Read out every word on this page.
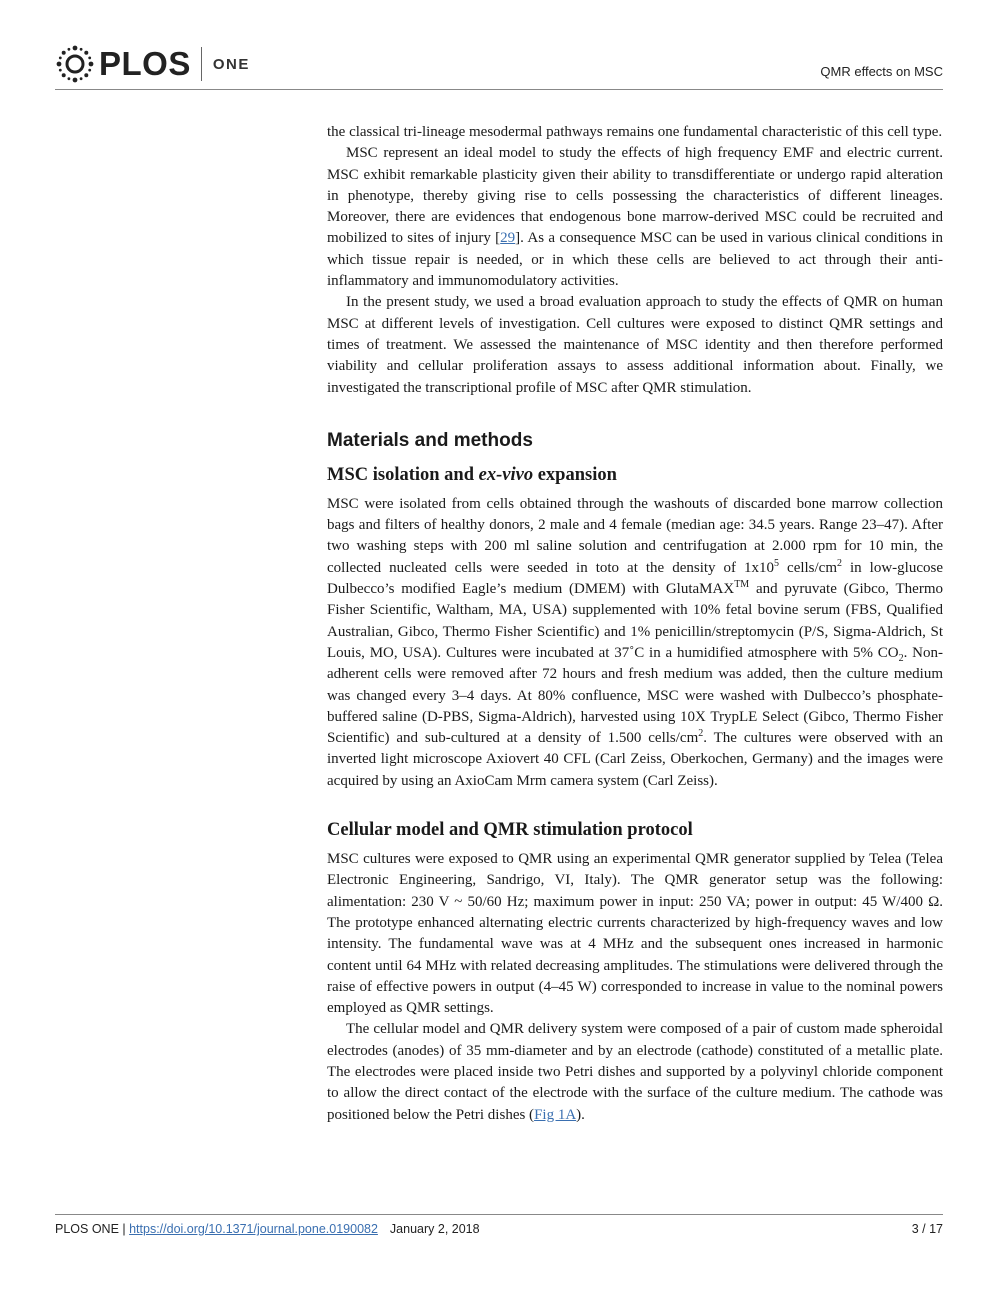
PLOS ONE	QMR effects on MSC

the classical tri-lineage mesodermal pathways remains one fundamental characteristic of this cell type.

MSC represent an ideal model to study the effects of high frequency EMF and electric current. MSC exhibit remarkable plasticity given their ability to transdifferentiate or undergo rapid alteration in phenotype, thereby giving rise to cells possessing the characteristics of different lineages. Moreover, there are evidences that endogenous bone marrow-derived MSC could be recruited and mobilized to sites of injury [29]. As a consequence MSC can be used in various clinical conditions in which tissue repair is needed, or in which these cells are believed to act through their anti-inflammatory and immunomodulatory activities.

In the present study, we used a broad evaluation approach to study the effects of QMR on human MSC at different levels of investigation. Cell cultures were exposed to distinct QMR settings and times of treatment. We assessed the maintenance of MSC identity and then therefore performed viability and cellular proliferation assays to assess additional information about. Finally, we investigated the transcriptional profile of MSC after QMR stimulation.

Materials and methods
MSC isolation and ex-vivo expansion

MSC were isolated from cells obtained through the washouts of discarded bone marrow collection bags and filters of healthy donors, 2 male and 4 female (median age: 34.5 years. Range 23–47). After two washing steps with 200 ml saline solution and centrifugation at 2.000 rpm for 10 min, the collected nucleated cells were seeded in toto at the density of $1x10^5$ cells/$cm^2$ in low-glucose Dulbecco’s modified Eagle’s medium (DMEM) with GlutaMAX™ and pyruvate (Gibco, Thermo Fisher Scientific, Waltham, MA, USA) supplemented with 10% fetal bovine serum (FBS, Qualified Australian, Gibco, Thermo Fisher Scientific) and 1% penicillin/streptomycin (P/S, Sigma-Aldrich, St Louis, MO, USA). Cultures were incubated at 37˚C in a humidified atmosphere with 5% $CO_2$. Non-adherent cells were removed after 72 hours and fresh medium was added, then the culture medium was changed every 3–4 days. At 80% confluence, MSC were washed with Dulbecco’s phosphate-buffered saline (D-PBS, Sigma-Aldrich), harvested using 10X TrypLE Select (Gibco, Thermo Fisher Scientific) and sub-cultured at a density of 1.500 cells/$cm^2$. The cultures were observed with an inverted light microscope Axiovert 40 CFL (Carl Zeiss, Oberkochen, Germany) and the images were acquired by using an AxioCam Mrm camera system (Carl Zeiss).

Cellular model and QMR stimulation protocol

MSC cultures were exposed to QMR using an experimental QMR generator supplied by Telea (Telea Electronic Engineering, Sandrigo, VI, Italy). The QMR generator setup was the following: alimentation: 230 V ~ 50/60 Hz; maximum power in input: 250 VA; power in output: 45 W/400 Ω. The prototype enhanced alternating electric currents characterized by high-frequency waves and low intensity. The fundamental wave was at 4 MHz and the subsequent ones increased in harmonic content until 64 MHz with related decreasing amplitudes. The stimulations were delivered through the raise of effective powers in output (4–45 W) corresponded to increase in value to the nominal powers employed as QMR settings.

The cellular model and QMR delivery system were composed of a pair of custom made spheroidal electrodes (anodes) of 35 mm-diameter and by an electrode (cathode) constituted of a metallic plate. The electrodes were placed inside two Petri dishes and supported by a polyvinyl chloride component to allow the direct contact of the electrode with the surface of the culture medium. The cathode was positioned below the Petri dishes (Fig 1A).

PLOS ONE | https://doi.org/10.1371/journal.pone.0190082 January 2, 2018	3 / 17
